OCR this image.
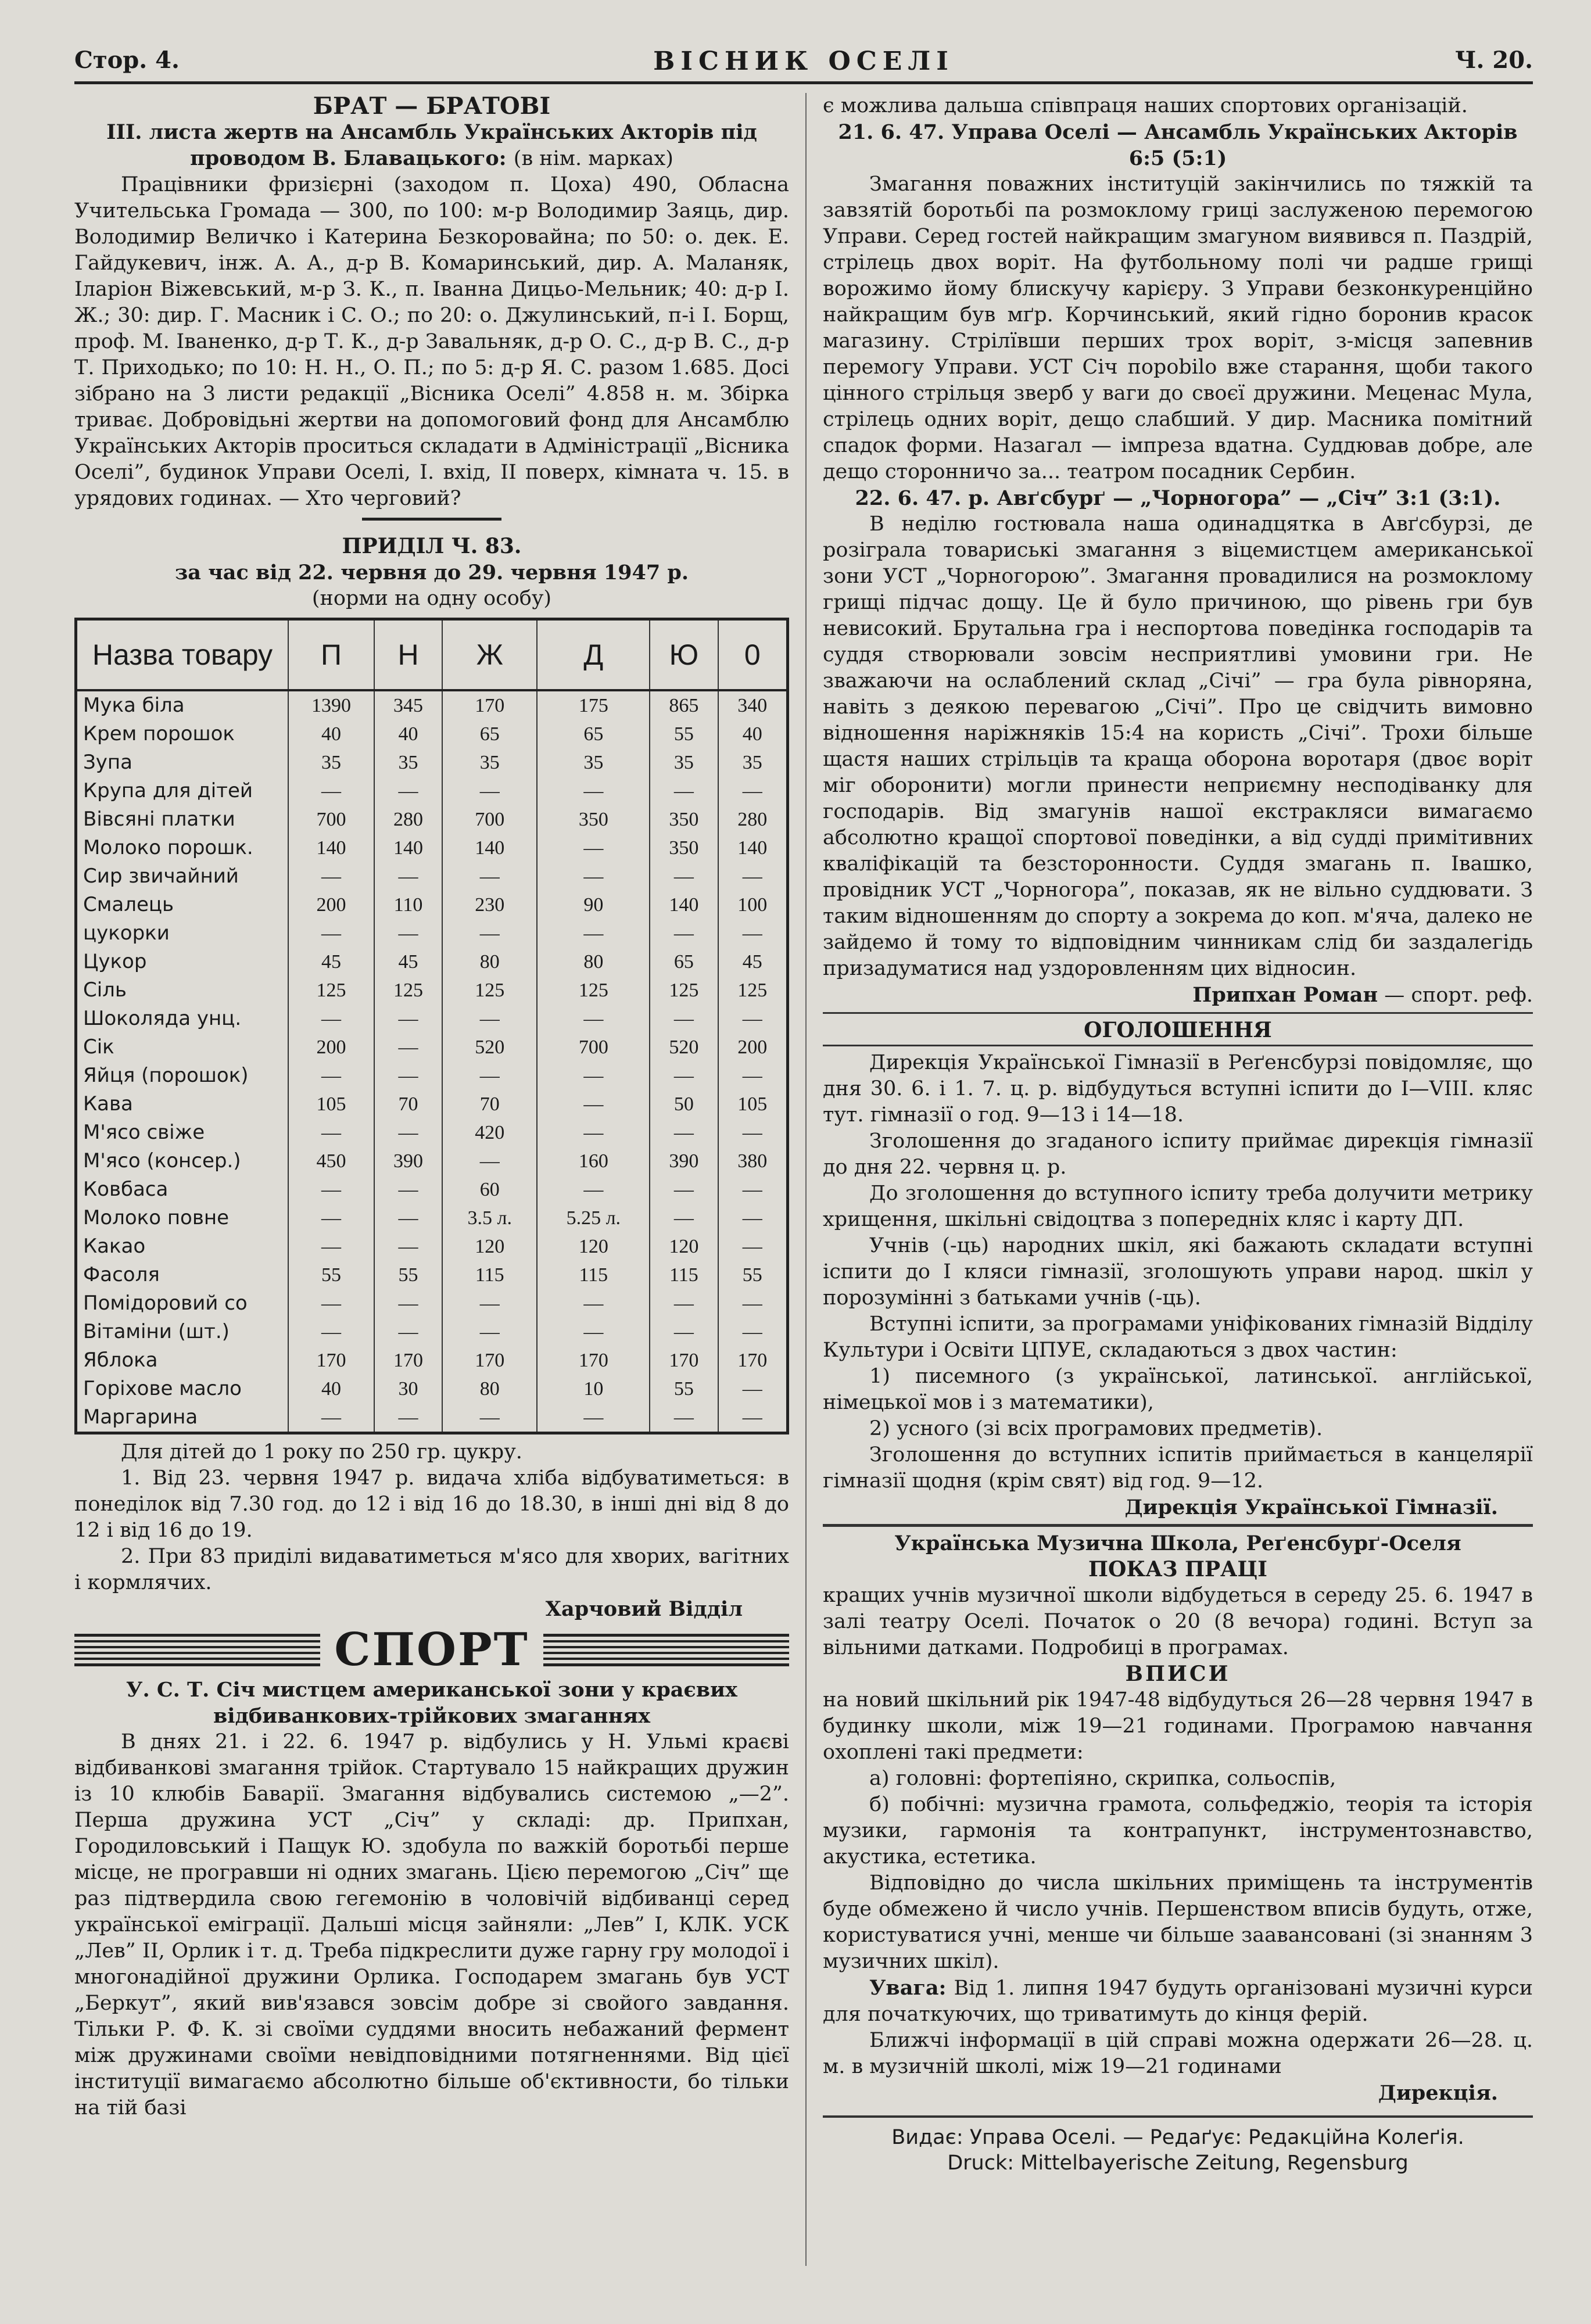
Стор. 4.	ВІСНИК ОСЕЛІ	Ч. 20.
БРАТ — БРАТОВІ

III. листа жертв на Ансамбль Українських Акторів під проводом В. Блавацького: (в нім. марках)

Працівники фризієрні (заходом п. Цоха) 490, Обласна Учительська Громада — 300, по 100: м-р Володимир Заяць, дир. Володимир Величко і Катерина Безкоровайна; по 50: о. дек. Е. Гайдукевич, інж. А. А., д-р В. Комаринський, дир. А. Маланяк, Іларіон Віжевський, м-р З. К., п. Іванна Дицьо-Мельник; 40: д-р І. Ж.; 30: дир. Г. Масник і С. О.; по 20: о. Джулинський, п-і І. Борщ, проф. М. Іваненко, д-р Т. К., д-р Завальняк, д-р О. С., д-р В. С., д-р Т. Приходько; по 10: Н. Н., О. П.; по 5: д-р Я. С. разом 1.685. Досі зібрано на 3 листи редакції „Вісника Оселі” 4.858 н. м. Збірка триває. Добровідьні жертви на допомоговий фонд для Ансамблю Українських Акторів проситься складати в Адміністрації „Вісника Оселі”, будинок Управи Оселі, І. вхід, ІІ поверх, кімната ч. 15. в урядових годинах. — Хто черговий?

ПРИДІЛ Ч. 83.

за час від 22. червня до 29. червня 1947 р.

(норми на одну особу)

Назва товару	П	Н	Ж	Д	Ю	0
Мука біла	1390	345	170	175	865	340
Крем порошок	40	40	65	65	55	40
Зупа	35	35	35	35	35	35
Крупа для дітей	—	—	—	—	—	—
Вівсяні платки	700	280	700	350	350	280
Молоко порошк.	140	140	140	—	350	140
Сир звичайний	—	—	—	—	—	—
Смалець	200	110	230	90	140	100
цукорки	—	—	—	—	—	—
Цукор	45	45	80	80	65	45
Сіль	125	125	125	125	125	125
Шоколяда унц.	—	—	—	—	—	—
Сік	200	—	520	700	520	200
Яйця (порошок)	—	—	—	—	—	—
Кава	105	70	70	—	50	105
М'ясо свіже	—	—	420	—	—	—
М'ясо (консер.)	450	390	—	160	390	380
Ковбаса	—	—	60	—	—	—
Молоко повне	—	—	3.5 л.	5.25 л.	—	—
Какао	—	—	120	120	120	—
Фасоля	55	55	115	115	115	55
Помідоровий со	—	—	—	—	—	—
Вітаміни (шт.)	—	—	—	—	—	—
Яблока	170	170	170	170	170	170
Горіхове масло	40	30	80	10	55	—
Маргарина	—	—	—	—	—	—

Для дітей до 1 року по 250 гр. цукру.

1. Від 23. червня 1947 р. видача хліба відбуватиметься: в понеділок від 7.30 год. до 12 і від 16 до 18.30, в інші дні від 8 до 12 і від 16 до 19.

2. При 83 приділі видаватиметься м'ясо для хворих, вагітних і кормлячих.

Харчовий Відділ

СПОРТ

У. С. Т. Січ мистцем американської зони у краєвих відбиванкових-трійкових змаганнях

В днях 21. і 22. 6. 1947 р. відбулись у Н. Ульмі краєві відбиванкові змагання трійок. Стартувало 15 найкращих дружин із 10 клюбів Баварії. Змагання відбувались системою „—2”. Перша дружина УСТ „Січ” у складі: др. Припхан, Городиловський і Пащук Ю. здобула по важкій боротьбі перше місце, не програвши ні одних змагань. Цією перемогою „Січ” ще раз підтвердила свою гегемонію в чоловічій відбиванці серед української еміграції. Дальші місця зайняли: „Лев” І, КЛК. УСК „Лев” ІІ, Орлик і т. д. Треба підкреслити дуже гарну гру молодої і многонадійної дружини Орлика. Господарем змагань був УСТ „Беркут”, який вив'язався зовсім добре зі свойого завдання. Тільки Р. Ф. К. зі своїми суддями вносить небажаний фермент між дружинами своїми невідповідними потягненнями. Від цієї інституції вимагаємо абсолютно більше об'єктивности, бо тільки на тій базі

є можлива дальша співпраця наших спортових організацій.

21. 6. 47. Управа Оселі — Ансамбль Українських Акторів

6:5 (5:1)

Змагання поважних інституцій закінчились по тяжкій та завзятій боротьбі па розмоклому гриці заслуженою перемогою Управи. Серед гостей найкращим змагуном виявився п. Паздрій, стрілець двох воріт. На футбольному полі чи радше грищі ворожимо йому блискучу карієру. З Управи безконкуренційно найкращим був мґр. Корчинський, який гідно боронив красок магазину. Стрілївши перших трох воріт, з-місця запевнив перемогу Управи. УСТ Січ порobilo вже старання, щоби такого цінного стрільця зверб у ваги до своєї дружини. Меценас Мула, стрілець одних воріт, дещо слабший. У дир. Масника помітний спадок форми. Назагал — імпреза вдатна. Суддював добре, але дещо сторонничо за... театром посадник Сербин.

22. 6. 47. р. Авґсбурґ — „Чорногора” — „Січ” 3:1 (3:1).

В неділю гостювала наша одинадцятка в Авґсбурзі, де розіграла товариські змагання з віцемистцем американської зони УСТ „Чорногорою”. Змагання провадилися на розмоклому грищі підчас дощу. Це й було причиною, що рівень гри був невисокий. Брутальна гра і неспортова поведінка господарів та суддя створювали зовсім несприятливі умовини гри. Не зважаючи на ослаблений склад „Січі” — гра була рівноряна, навіть з деякою перевагою „Січі”. Про це свідчить вимовно відношення наріжняків 15:4 на користь „Січі”. Трохи більше щастя наших стрільців та краща оборона воротаря (двоє воріт міг оборонити) могли принести неприємну несподіванку для господарів. Від змагунів нашої екстракляси вимагаємо абсолютно кращої спортової поведінки, а від судді примітивних кваліфікацій та безсторонности. Суддя змагань п. Івашко, провідник УСТ „Чорногора”, показав, як не вільно суддювати. З таким відношенням до спорту а зокрема до коп. м'яча, далеко не зайдемо й тому то відповідним чинникам слід би заздалегідь призадуматися над уздоровленням цих відносин.

Припхан Роман — спорт. реф.

ОГОЛОШЕННЯ

Дирекція Української Гімназії в Реґенсбурзі повідомляє, що дня 30. 6. і 1. 7. ц. р. відбудуться вступні іспити до І—VIII. кляс тут. гімназії о год. 9—13 і 14—18.

Зголошення до згаданого іспиту приймає дирекція гімназії до дня 22. червня ц. р.

До зголошення до вступного іспиту треба долучити метрику хрищення, шкільні свідоцтва з попередніх кляс і карту ДП.

Учнів (-ць) народних шкіл, які бажають складати вступні іспити до І кляси гімназії, зголошують управи народ. шкіл у порозумінні з батьками учнів (-ць).

Вступні іспити, за програмами уніфікованих гімназій Відділу Культури і Освіти ЦПУЕ, складаються з двох частин:

1) писемного (з української, латинської. англійської, німецької мов і з математики),

2) усного (зі всіх програмових предметів).

Зголошення до вступних іспитів приймається в канцелярії гімназії щодня (крім свят) від год. 9—12.

Дирекція Української Гімназії.

Українська Музична Школа, Реґенсбурґ-Оселя

ПОКАЗ ПРАЦІ

кращих учнів музичної школи відбудеться в середу 25. 6. 1947 в залі театру Оселі. Початок о 20 (8 вечора) годині. Вступ за вільними датками. Подробиці в програмах.

ВПИСИ

на новий шкільний рік 1947-48 відбудуться 26—28 червня 1947 в будинку школи, між 19—21 годинами. Програмою навчання охоплені такі предмети:

а) головні: фортепіяно, скрипка, сольоспів,

б) побічні: музична грамота, сольфеджіо, теорія та історія музики, гармонія та контрапункт, інструментознавство, акустика, естетика.

Відповідно до числа шкільних приміщень та інструментів буде обмежено й число учнів. Першенством вписів будуть, отже, користуватися учні, менше чи більше заавансовані (зі знанням 3 музичних шкіл).

Увага: Від 1. липня 1947 будуть організовані музичні курси для початкуючих, що триватимуть до кінця ферій.

Ближчі інформації в цій справі можна одержати 26—28. ц. м. в музичній школі, між 19—21 годинами

Дирекція.

Видає: Управа Оселі. — Редаґує: Редакційна Колеґія.
Druck: Mittelbayerische Zeitung, Regensburg
